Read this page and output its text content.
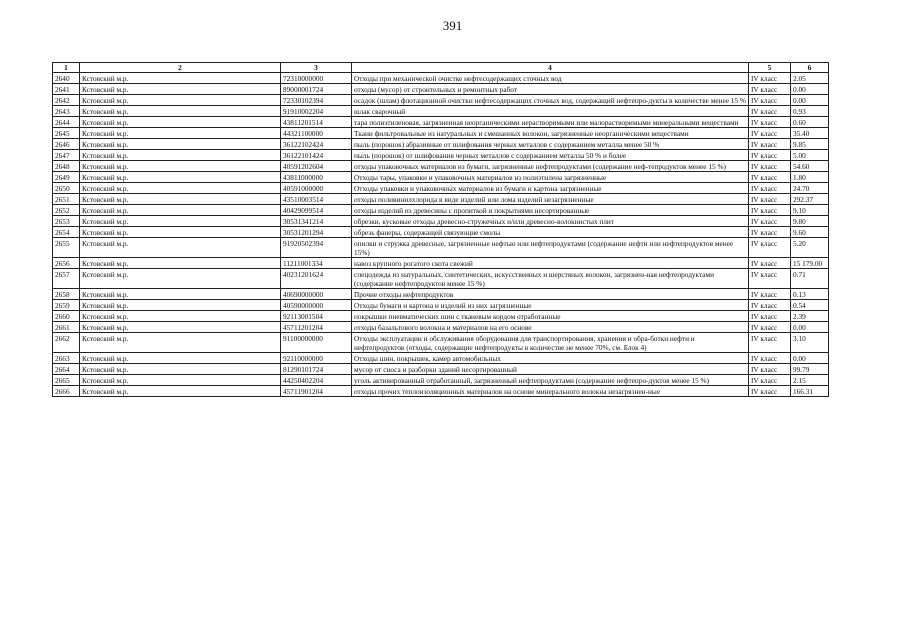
391
1	2	3	4	5	6
2640	Кстовский м.р.	72310000000	Отходы при механической очистке нефтесодержащих сточных вод	IV класс	2.05
2641	Кстовский м.р.	89000001724	отходы (мусор) от строительных и ремонтных работ	IV класс	0.00
2642	Кстовский м.р.	72330102394	осадок (шлам) флотационной очистки нефтесодержащих сточных вод, содержащий нефтепро-дукты в количестве менее 15 %	IV класс	0.00
2643	Кстовский м.р.	91910002204	шлак сварочный	IV класс	0.93
2644	Кстовский м.р.	43811201514	тара полиэтиленовая, загрязненная неорганическими нерастворимыми или малорастворимыми минеральными веществами	IV класс	0.60
2645	Кстовский м.р.	44321100000	Ткани фильтровальные из натуральных и смешанных волокон, загрязненные неорганическими веществами	IV класс	35.40
2646	Кстовский м.р.	36122102424	пыль (порошок) абразивные от шлифования черных металлов с содержанием металла менее 50 %	IV класс	9.85
2647	Кстовский м.р.	36122101424	пыль (порошок) от шлифования черных металлов с содержанием металла 50 % и более	IV класс	5.00
2648	Кстовский м.р.	40591202604	отходы упаковочных материалов из бумаги, загрязненные нефтепродуктами (содержание неф-тепродуктов менее 15 %)	IV класс	54.60
2649	Кстовский м.р.	43811000000	Отходы тары, упаковки и упаковочных материалов из полиэтилена загрязненные	IV класс	1.80
2650	Кстовский м.р.	40591000000	Отходы упаковки и упаковочных материалов из бумаги и картона загрязненные	IV класс	24.70
2651	Кстовский м.р.	43510003514	отходы поливинилхлорида в виде изделий или лома изделий незагрязненные	IV класс	292.37
2652	Кстовский м.р.	40429099514	отходы изделий из древесины с пропиткой и покрытиями несортированные	IV класс	9.10
2653	Кстовский м.р.	30531341214	обрезки, кусковые отходы древесно-стружечных и/или древесно-волокнистых плит	IV класс	9.80
2654	Кстовский м.р.	30531201294	обрезь фанеры, содержащей связующие смолы	IV класс	9.60
2655	Кстовский м.р.	91920502394	опилки и стружка древесные, загрязненные нефтью или нефтепродуктами (содержание нефти или нефтепродуктов менее 15%)	IV класс	5.20
2656	Кстовский м.р.	11211001334	навоз крупного рогатого скота свежий	IV класс	15 179.00
2657	Кстовский м.р.	40231201624	спецодежда из натуральных, синтетических, искусственных и шерстяных волокон, загрязнен-ная нефтепродуктами (содержание нефтепродуктов менее 15 %)	IV класс	0.71
2658	Кстовский м.р.	40690000000	Прочие отходы нефтепродуктов	IV класс	0.13
2659	Кстовский м.р.	40590000000	Отходы бумаги и картона и изделий из них загрязненные	IV класс	0.54
2660	Кстовский м.р.	92113001504	покрышки пневматических шин с тканевым кордом отработанные	IV класс	2.39
2661	Кстовский м.р.	45711201204	отходы базальтового волокна и материалов на его основе	IV класс	0.00
2662	Кстовский м.р.	91100000000	Отходы эксплуатации и обслуживания оборудования для транспортирования, хранения и обра-ботки нефти и нефтепродуктов (отходы, содержащие нефтепродукты в количестве не менее 70%, см. Блок 4)	IV класс	3.10
2663	Кстовский м.р.	92110000000	Отходы шин, покрышек, камер автомобильных	IV класс	0.00
2664	Кстовский м.р.	81290101724	мусор от сноса и разборки зданий несортированный	IV класс	99.79
2665	Кстовский м.р.	44250402204	уголь активированный отработанный, загрязненный нефтепродуктами (содержание нефтепро-дуктов менее 15 %)	IV класс	2.15
2666	Кстовский м.р.	45711901204	отходы прочих теплоизоляционных материалов на основе минерального волокна незагрязнен-ные	IV класс	166.31
